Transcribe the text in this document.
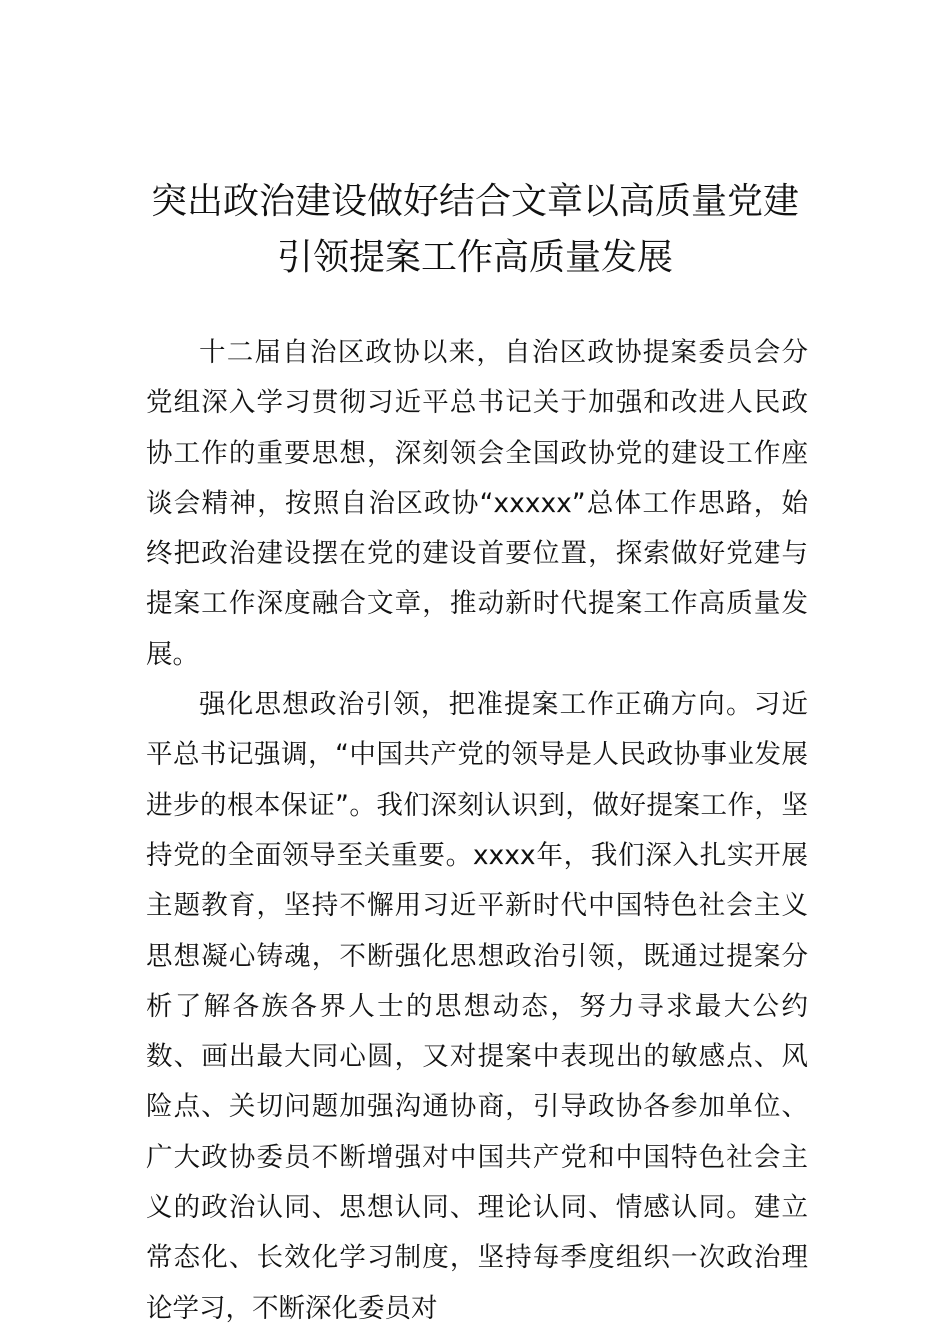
突出政治建设做好结合文章以高质量党建
引领提案工作高质量发展

十二届自治区政协以来，自治区政协提案委员会分党组深入学习贯彻习近平总书记关于加强和改进人民政协工作的重要思想，深刻领会全国政协党的建设工作座谈会精神，按照自治区政协“xxxxx”总体工作思路，始终把政治建设摆在党的建设首要位置，探索做好党建与提案工作深度融合文章，推动新时代提案工作高质量发展。

强化思想政治引领，把准提案工作正确方向。习近平总书记强调，“中国共产党的领导是人民政协事业发展进步的根本保证”。我们深刻认识到，做好提案工作，坚持党的全面领导至关重要。xxxx年，我们深入扎实开展主题教育，坚持不懈用习近平新时代中国特色社会主义思想凝心铸魂，不断强化思想政治引领，既通过提案分析了解各族各界人士的思想动态，努力寻求最大公约数、画出最大同心圆，又对提案中表现出的敏感点、风险点、关切问题加强沟通协商，引导政协各参加单位、广大政协委员不断增强对中国共产党和中国特色社会主义的政治认同、思想认同、理论认同、情感认同。建立常态化、长效化学习制度，坚持每季度组织一次政治理论学习，不断深化委员对
